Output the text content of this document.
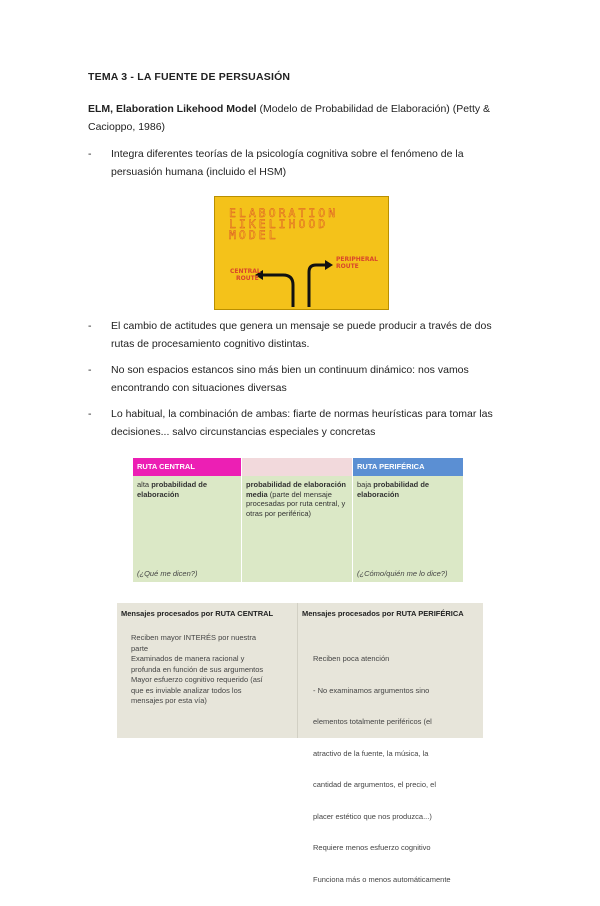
TEMA 3 - LA FUENTE DE PERSUASIÓN
ELM, Elaboration Likehood Model (Modelo de Probabilidad de Elaboración) (Petty & Cacioppo, 1986)
- Integra diferentes teorías de la psicología cognitiva sobre el fenómeno de la persuasión humana (incluido el HSM)
ELABORATION
LIKELIHOOD
MODEL
CENTRAL
ROUTE
PERIPHERAL
ROUTE
- El cambio de actitudes que genera un mensaje se puede producir a través de dos rutas de procesamiento cognitivo distintas.
- No son espacios estancos sino más bien un continuum dinámico: nos vamos encontrando con situaciones diversas
- Lo habitual, la combinación de ambas: fiarte de normas heurísticas para tomar las decisiones... salvo circunstancias especiales y concretas
RUTA CENTRAL
alta probabilidad de elaboración
(¿Qué me dicen?)
probabilidad de elaboración media (parte del mensaje procesadas por ruta central, y otras por periférica)
RUTA PERIFÉRICA
baja probabilidad de elaboración
(¿Cómo/quién me lo dice?)
Mensajes procesados por RUTA CENTRAL	Mensajes procesados por RUTA PERIFÉRICA
Reciben mayor INTERÉS por nuestra
parte
Examinados de manera racional y
profunda en función de sus argumentos
Mayor esfuerzo cognitivo requerido (así
que es inviable analizar todos los
mensajes por esta vía)

Reciben poca atención

- No examinamos argumentos sino

elementos totalmente periféricos (el

atractivo de la fuente, la música, la

cantidad de argumentos, el precio, el

placer estético que nos produzca...)

Requiere menos esfuerzo cognitivo

Funciona más o menos automáticamente
